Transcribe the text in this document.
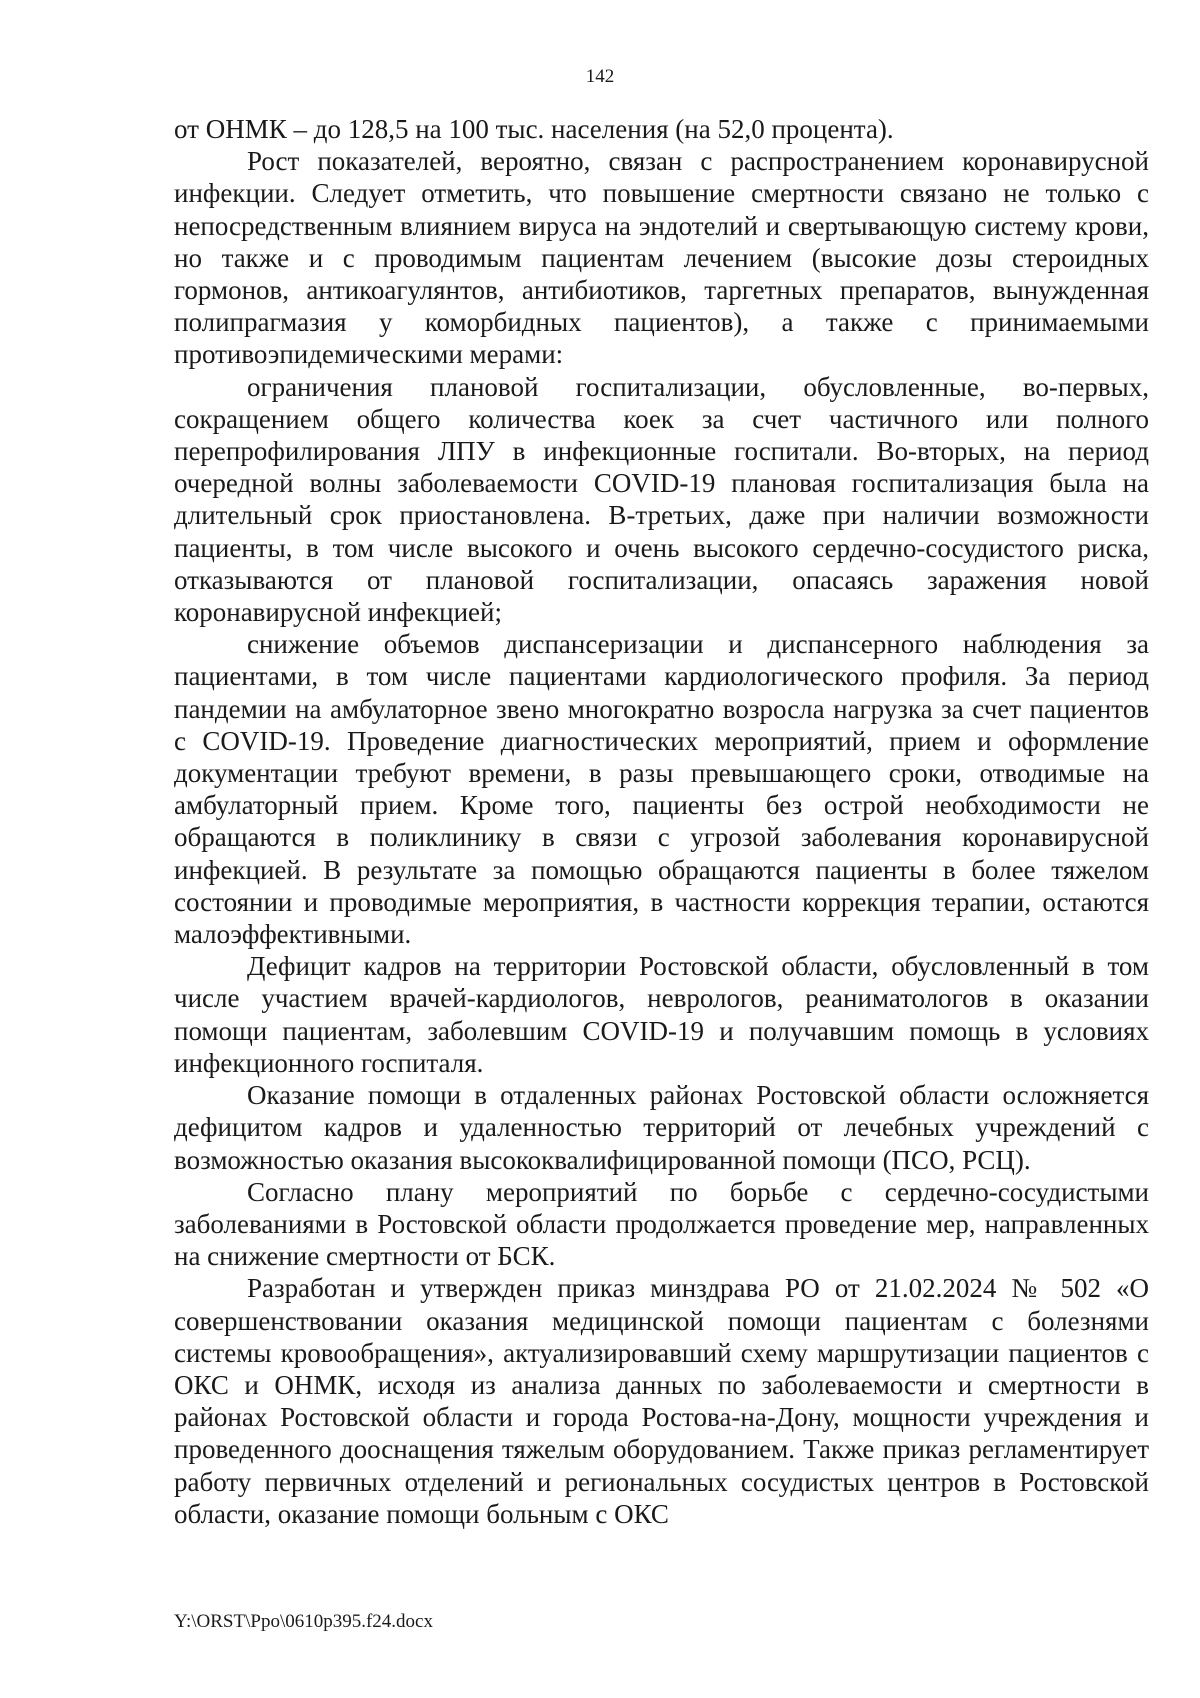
142

от ОНМК – до 128,5 на 100 тыс. населения (на 52,0 процента).

Рост показателей, вероятно, связан с распространением коронавирусной инфекции. Следует отметить, что повышение смертности связано не только с непосредственным влиянием вируса на эндотелий и свертывающую систему крови, но также и с проводимым пациентам лечением (высокие дозы стероидных гормонов, антикоагулянтов, антибиотиков, таргетных препаратов, вынужденная полипрагмазия у коморбидных пациентов), а также с принимаемыми противоэпидемическими мерами:

ограничения плановой госпитализации, обусловленные, во-первых, сокращением общего количества коек за счет частичного или полного перепрофилирования ЛПУ в инфекционные госпитали. Во-вторых, на период очередной волны заболеваемости COVID-19 плановая госпитализация была на длительный срок приостановлена. В-третьих, даже при наличии возможности пациенты, в том числе высокого и очень высокого сердечно-сосудистого риска, отказываются от плановой госпитализации, опасаясь заражения новой коронавирусной инфекцией;

снижение объемов диспансеризации и диспансерного наблюдения за пациентами, в том числе пациентами кардиологического профиля. За период пандемии на амбулаторное звено многократно возросла нагрузка за счет пациентов с COVID-19. Проведение диагностических мероприятий, прием и оформление документации требуют времени, в разы превышающего сроки, отводимые на амбулаторный прием. Кроме того, пациенты без острой необходимости не обращаются в поликлинику в связи с угрозой заболевания коронавирусной инфекцией. В результате за помощью обращаются пациенты в более тяжелом состоянии и проводимые мероприятия, в частности коррекция терапии, остаются малоэффективными.

Дефицит кадров на территории Ростовской области, обусловленный в том числе участием врачей-кардиологов, неврологов, реаниматологов в оказании помощи пациентам, заболевшим COVID-19 и получавшим помощь в условиях инфекционного госпиталя.

Оказание помощи в отдаленных районах Ростовской области осложняется дефицитом кадров и удаленностью территорий от лечебных учреждений с возможностью оказания высококвалифицированной помощи (ПСО, РСЦ).

Согласно плану мероприятий по борьбе с сердечно-сосудистыми заболеваниями в Ростовской области продолжается проведение мер, направленных на снижение смертности от БСК.

Разработан и утвержден приказ минздрава РО от 21.02.2024 № 502 «О совершенствовании оказания медицинской помощи пациентам с болезнями системы кровообращения», актуализировавший схему маршрутизации пациентов с ОКС и ОНМК, исходя из анализа данных по заболеваемости и смертности в районах Ростовской области и города Ростова-на-Дону, мощности учреждения и проведенного дооснащения тяжелым оборудованием. Также приказ регламентирует работу первичных отделений и региональных сосудистых центров в Ростовской области, оказание помощи больным с ОКС

Y:\ORST\Ppo\0610p395.f24.docx
